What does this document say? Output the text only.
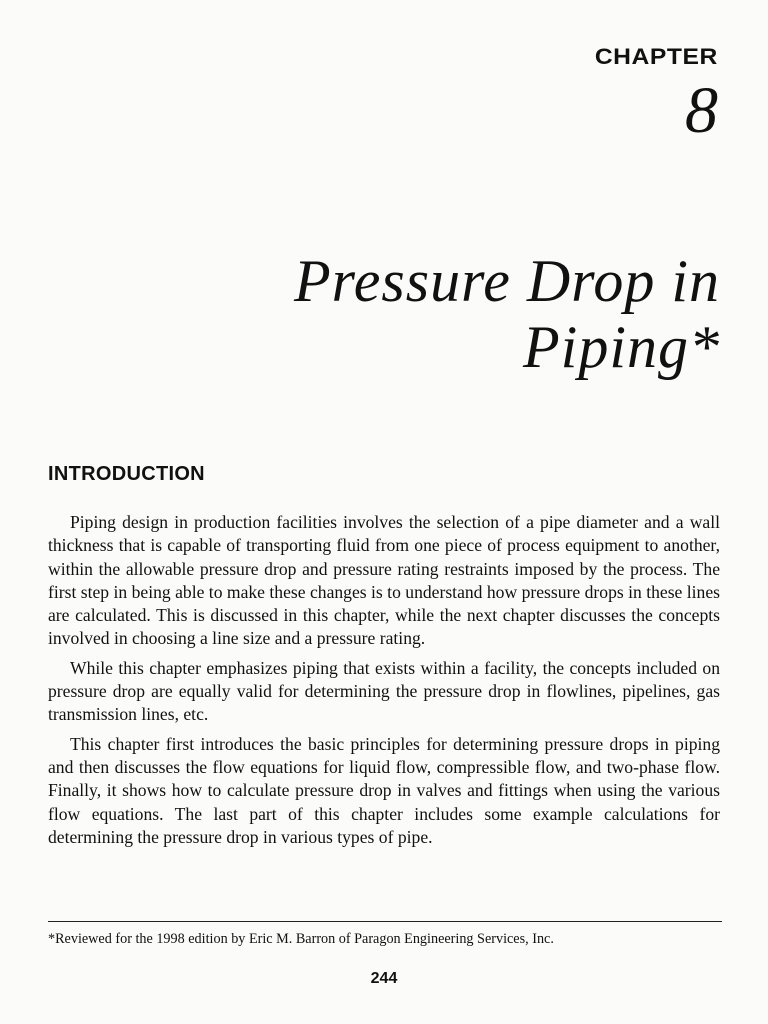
CHAPTER
8
Pressure Drop in
Piping*
INTRODUCTION

Piping design in production facilities involves the selection of a pipe diameter and a wall thickness that is capable of transporting fluid from one piece of process equipment to another, within the allowable pressure drop and pressure rating restraints imposed by the process. The first step in being able to make these changes is to understand how pressure drops in these lines are calculated. This is discussed in this chapter, while the next chapter discusses the concepts involved in choosing a line size and a pressure rating.

While this chapter emphasizes piping that exists within a facility, the concepts included on pressure drop are equally valid for determining the pressure drop in flowlines, pipelines, gas transmission lines, etc.

This chapter first introduces the basic principles for determining pressure drops in piping and then discusses the flow equations for liquid flow, compressible flow, and two-phase flow. Finally, it shows how to calculate pressure drop in valves and fittings when using the various flow equations. The last part of this chapter includes some example calculations for determining the pressure drop in various types of pipe.

*Reviewed for the 1998 edition by Eric M. Barron of Paragon Engineering Services, Inc.
244
